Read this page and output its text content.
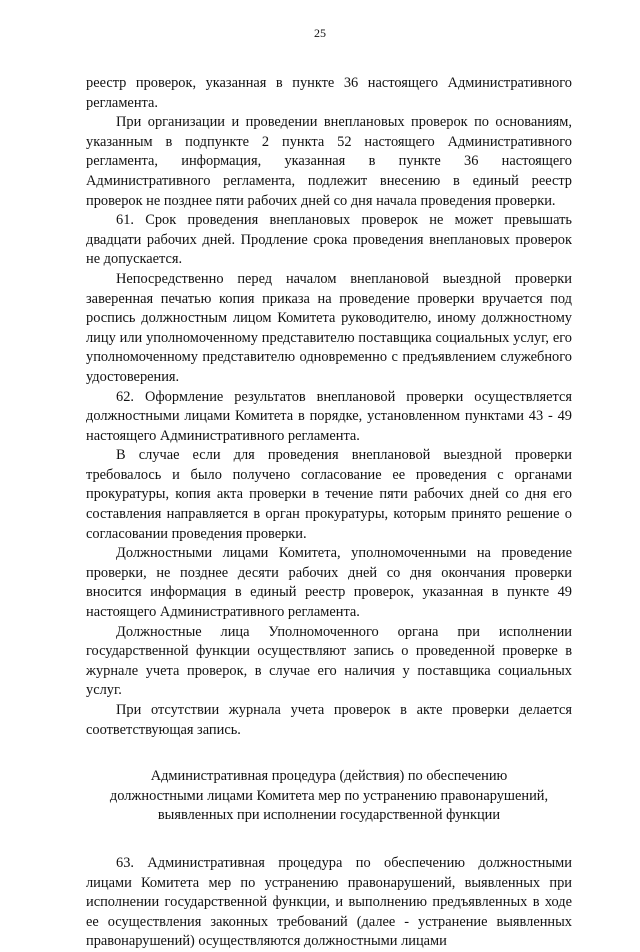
25

реестр проверок, указанная в пункте 36 настоящего Административного регламента.

При организации и проведении внеплановых проверок по основаниям, указанным в подпункте 2 пункта 52 настоящего Административного регламента, информация, указанная в пункте 36 настоящего Административного регламента, подлежит внесению в единый реестр проверок не позднее пяти рабочих дней со дня начала проведения проверки.

61. Срок проведения внеплановых проверок не может превышать двадцати рабочих дней. Продление срока проведения внеплановых проверок не допускается.

Непосредственно перед началом внеплановой выездной проверки заверенная печатью копия приказа на проведение проверки вручается под роспись должностным лицом Комитета руководителю, иному должностному лицу или уполномоченному представителю поставщика социальных услуг, его уполномоченному представителю одновременно с предъявлением служебного удостоверения.

62. Оформление результатов внеплановой проверки осуществляется должностными лицами Комитета в порядке, установленном пунктами 43 - 49 настоящего Административного регламента.

В случае если для проведения внеплановой выездной проверки требовалось и было получено согласование ее проведения с органами прокуратуры, копия акта проверки в течение пяти рабочих дней со дня его составления направляется в орган прокуратуры, которым принято решение о согласовании проведения проверки.

Должностными лицами Комитета, уполномоченными на проведение проверки, не позднее десяти рабочих дней со дня окончания проверки вносится информация в единый реестр проверок, указанная в пункте 49 настоящего Административного регламента.

Должностные лица Уполномоченного органа при исполнении государственной функции осуществляют запись о проведенной проверке в журнале учета проверок, в случае его наличия у поставщика социальных услуг.

При отсутствии журнала учета проверок в акте проверки делается соответствующая запись.

Административная процедура (действия) по обеспечению
должностными лицами Комитета мер по устранению правонарушений,
выявленных при исполнении государственной функции

63. Административная процедура по обеспечению должностными лицами Комитета мер по устранению правонарушений, выявленных при исполнении государственной функции, и выполнению предъявленных в ходе ее осуществления законных требований (далее - устранение выявленных правонарушений) осуществляются должностными лицами
